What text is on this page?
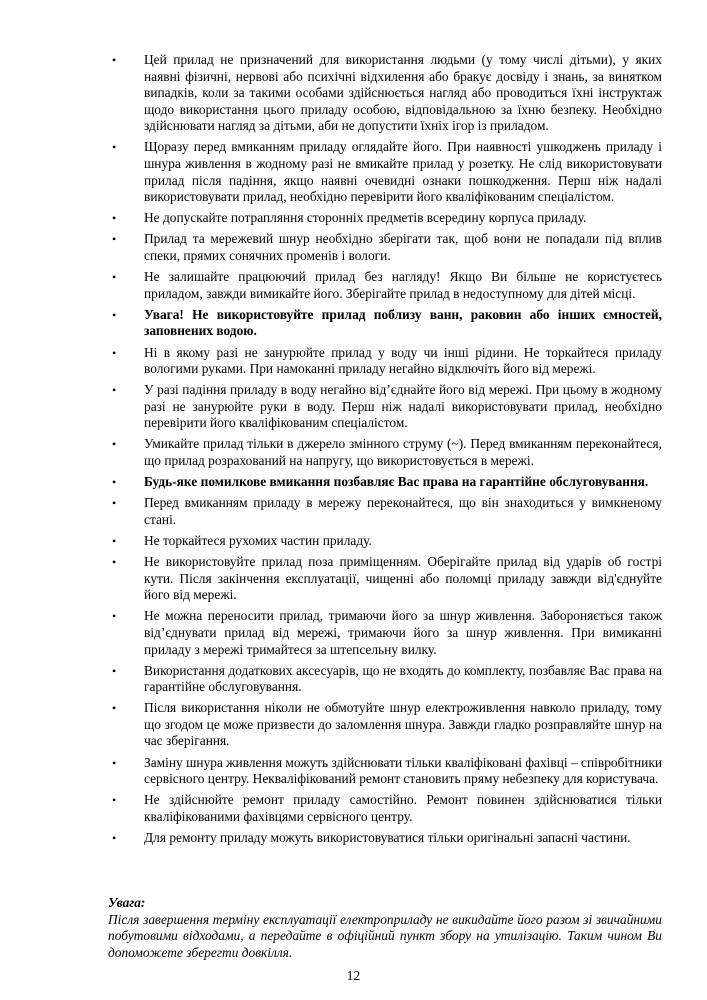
• Цей прилад не призначений для використання людьми (у тому числі дітьми), у яких наявні фізичні, нервові або психічні відхилення або бракує досвіду і знань, за винятком випадків, коли за такими особами здійснюється нагляд або проводиться їхні інструктаж щодо використання цього приладу особою, відповідальною за їхню безпеку. Необхідно здійснювати нагляд за дітьми, аби не допустити їхніх ігор із приладом.
• Щоразу перед вмиканням приладу оглядайте його. При наявності ушкоджень приладу і шнура живлення в жодному разі не вмикайте прилад у розетку. Не слід використовувати прилад після падіння, якщо наявні очевидні ознаки пошкодження. Перш ніж надалі використовувати прилад, необхідно перевірити його кваліфікованим спеціалістом.
• Не допускайте потрапляння сторонніх предметів всередину корпуса приладу.
• Прилад та мережевий шнур необхідно зберігати так, щоб вони не попадали під вплив спеки, прямих сонячних променів і вологи.
• Не залишайте працюючий прилад без нагляду! Якщо Ви більше не користуєтесь приладом, завжди вимикайте його. Зберігайте прилад в недоступному для дітей місці.
• Увага! Не використовуйте прилад поблизу ванн, раковин або інших ємностей, заповнених водою.
• Ні в якому разі не занурюйте прилад у воду чи інші рідини. Не торкайтеся приладу вологими руками. При намоканні приладу негайно відключіть його від мережі.
• У разі падіння приладу в воду негайно від’єднайте його від мережі. При цьому в жодному разі не занурюйте руки в воду. Перш ніж надалі використовувати прилад, необхідно перевірити його кваліфікованим спеціалістом.
• Умикайте прилад тільки в джерело змінного струму (~). Перед вмиканням переконайтеся, що прилад розрахований на напругу, що використовується в мережі.
• Будь-яке помилкове вмикання позбавляє Вас права на гарантійне обслуговування.
• Перед вмиканням приладу в мережу переконайтеся, що він знаходиться у вимкненому стані.
• Не торкайтеся рухомих частин приладу.
• Не використовуйте прилад поза приміщенням. Оберігайте прилад від ударів об гострі кути. Після закінчення експлуатації, чищенні або поломці приладу завжди від'єднуйте його від мережі.
• Не можна переносити прилад, тримаючи його за шнур живлення. Забороняється також від’єднувати прилад від мережі, тримаючи його за шнур живлення. При вимиканні приладу з мережі тримайтеся за штепсельну вилку.
• Використання додаткових аксесуарів, що не входять до комплекту, позбавляє Вас права на гарантійне обслуговування.
• Після використання ніколи не обмотуйте шнур електроживлення навколо приладу, тому що згодом це може призвести до заломлення шнура. Завжди гладко розправляйте шнур на час зберігання.
• Заміну шнура живлення можуть здійснювати тільки кваліфіковані фахівці – співробітники сервісного центру. Некваліфікований ремонт становить пряму небезпеку для користувача.
• Не здійснюйте ремонт приладу самостійно. Ремонт повинен здійснюватися тільки кваліфікованими фахівцями сервісного центру.
• Для ремонту приладу можуть використовуватися тільки оригінальні запасні частини.
Увага:
Після завершення терміну експлуатації електроприладу не викидайте його разом зі звичайними побутовими відходами, а передайте в офіційний пункт збору на утилізацію. Таким чином Ви допоможете зберегти довкілля.
12
